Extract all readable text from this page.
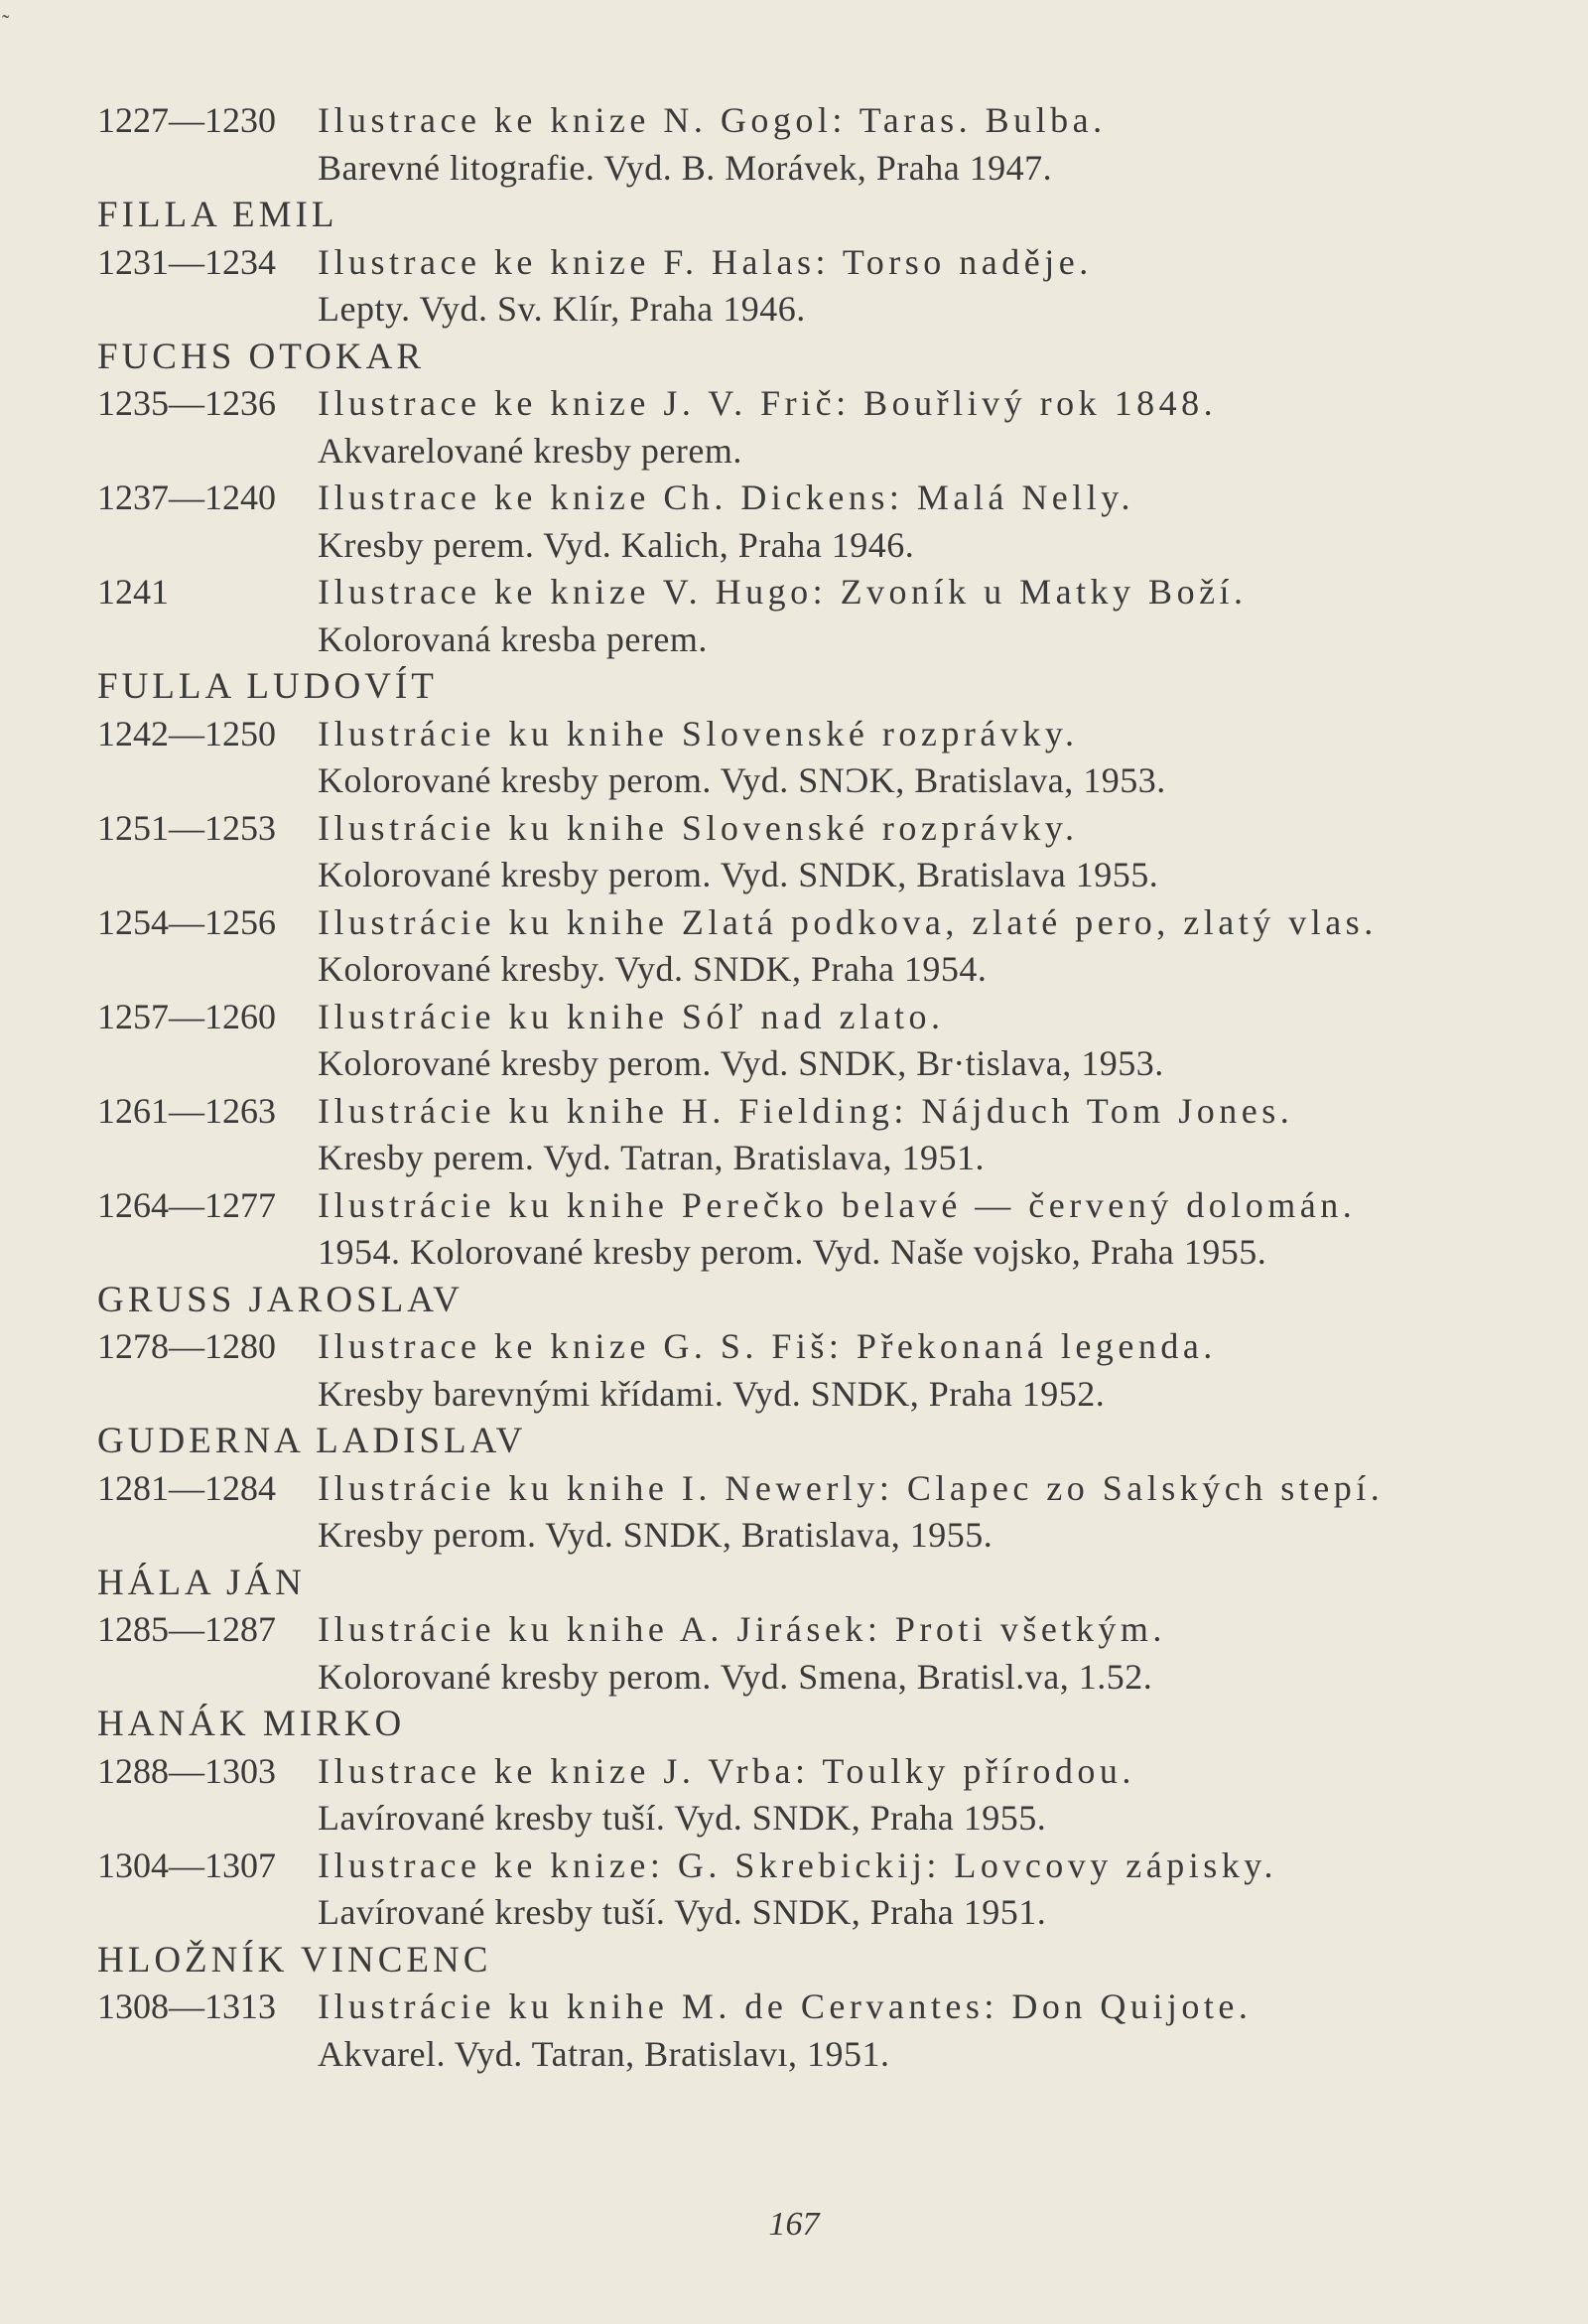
˜
1227—1230 Ilustrace ke knize N. Gogol: Taras. Bulba.
Barevné litografie. Vyd. B. Morávek, Praha 1947.
FILLA EMIL
1231—1234 Ilustrace ke knize F. Halas: Torso naděje.
Lepty. Vyd. Sv. Klír, Praha 1946.
FUCHS OTOKAR
1235—1236 Ilustrace ke knize J. V. Frič: Bouřlivý rok 1848.
Akvarelované kresby perem.
1237—1240 Ilustrace ke knize Ch. Dickens: Malá Nelly.
Kresby perem. Vyd. Kalich, Praha 1946.
1241	Ilustrace ke knize V. Hugo: Zvoník u Matky Boží.
Kolorovaná kresba perem.
FULLA LUDOVÍT
1242—1250 Ilustrácie ku knihe Slovenské rozprávky.
Kolorované kresby perom. Vyd. SNƆK, Bratislava, 1953.
1251—1253 Ilustrácie ku knihe Slovenské rozprávky.
Kolorované kresby perom. Vyd. SNDK, Bratislava 1955.
1254—1256 Ilustrácie ku knihe Zlatá podkova, zlaté pero, zlatý vlas.
Kolorované kresby. Vyd. SNDK, Praha 1954.
1257—1260 Ilustrácie ku knihe Sóľ nad zlato.
Kolorované kresby perom. Vyd. SNDK, Br·tislava, 1953.
1261—1263 Ilustrácie ku knihe H. Fielding: Nájduch Tom Jones.
Kresby perem. Vyd. Tatran, Bratislava, 1951.
1264—1277 Ilustrácie ku knihe Perečko belavé — červený dolomán.
1954. Kolorované kresby perom. Vyd. Naše vojsko, Praha 1955.
GRUSS JAROSLAV
1278—1280 Ilustrace ke knize G. S. Fiš: Překonaná legenda.
Kresby barevnými křídami. Vyd. SNDK, Praha 1952.
GUDERNA LADISLAV
1281—1284 Ilustrácie ku knihe I. Newerly: Clapec zo Salských stepí.
Kresby perom. Vyd. SNDK, Bratislava, 1955.
HÁLA JÁN
1285—1287 Ilustrácie ku knihe A. Jirásek: Proti všetkým.
Kolorované kresby perom. Vyd. Smena, Bratisl.va, 1.52.
HANÁK MIRKO
1288—1303 Ilustrace ke knize J. Vrba: Toulky přírodou.
Lavírované kresby tuší. Vyd. SNDK, Praha 1955.
1304—1307 Ilustrace ke knize: G. Skrebickij: Lovcovy zápisky.
Lavírované kresby tuší. Vyd. SNDK, Praha 1951.
HLOŽNÍK VINCENC
1308—1313 Ilustrácie ku knihe M. de Cervantes: Don Quijote.
Akvarel. Vyd. Tatran, Bratislavı, 1951.
167
